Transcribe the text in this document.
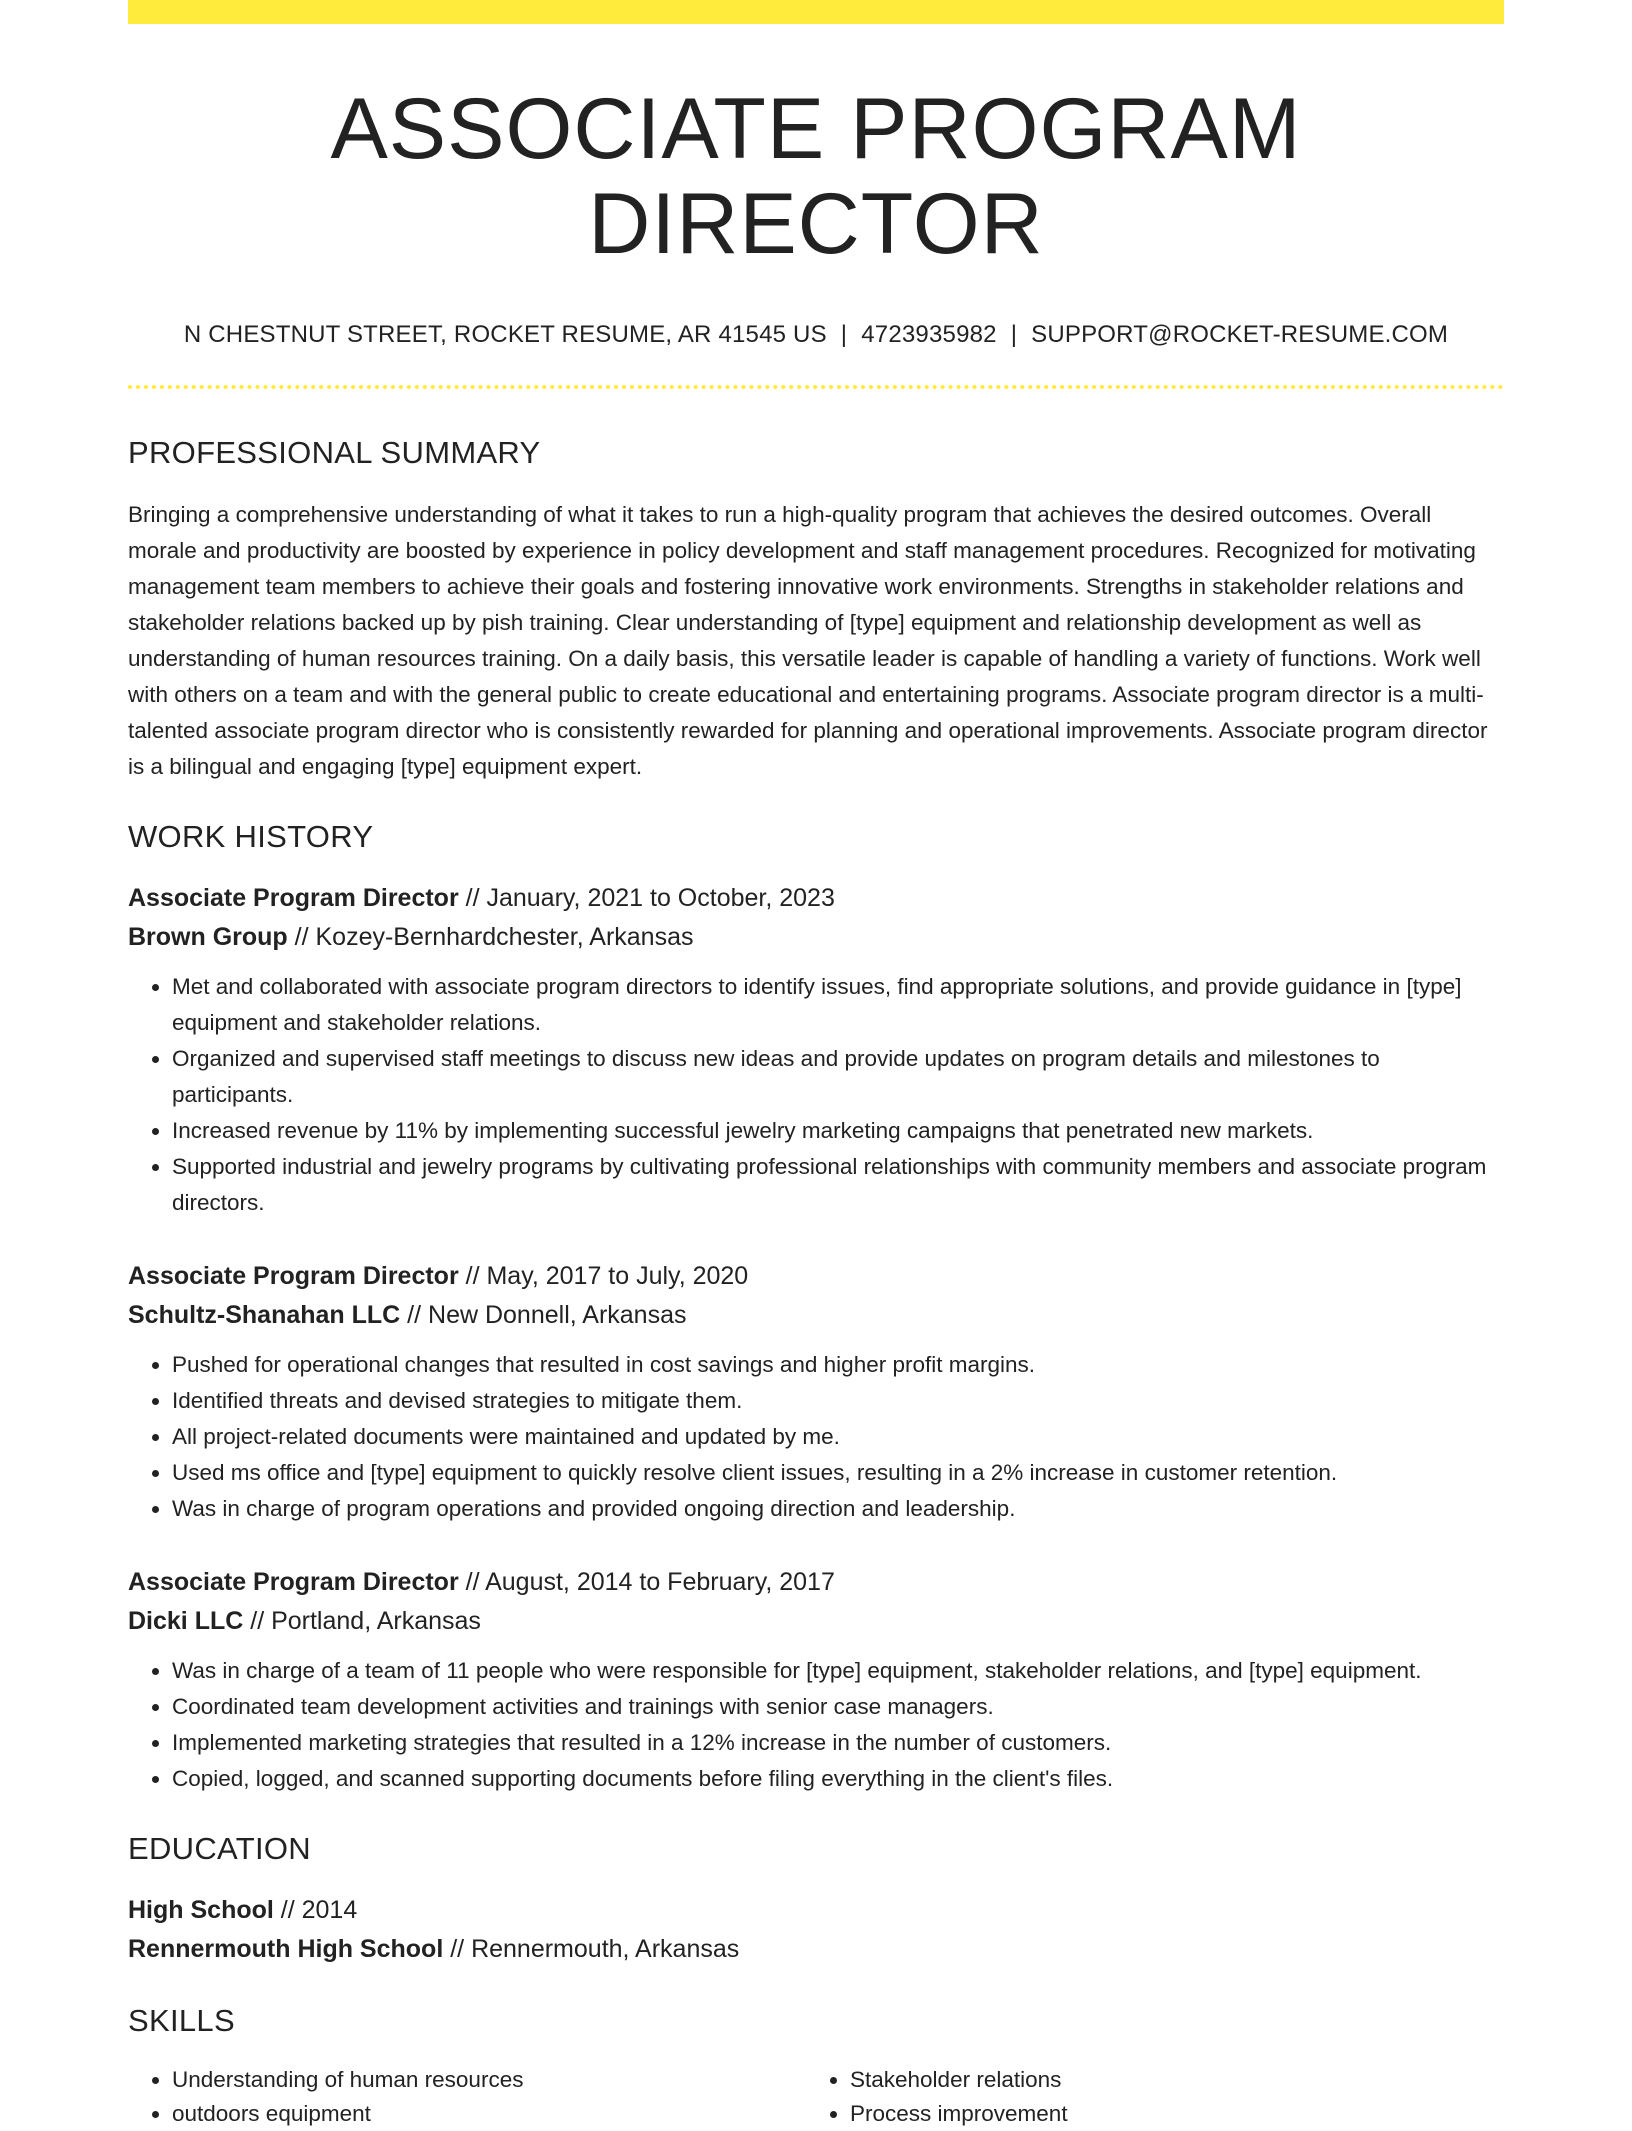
ASSOCIATE PROGRAM DIRECTOR
N CHESTNUT STREET, ROCKET RESUME, AR 41545 US | 4723935982 | SUPPORT@ROCKET-RESUME.COM
PROFESSIONAL SUMMARY
Bringing a comprehensive understanding of what it takes to run a high-quality program that achieves the desired outcomes. Overall morale and productivity are boosted by experience in policy development and staff management procedures. Recognized for motivating management team members to achieve their goals and fostering innovative work environments. Strengths in stakeholder relations and stakeholder relations backed up by pish training. Clear understanding of [type] equipment and relationship development as well as understanding of human resources training. On a daily basis, this versatile leader is capable of handling a variety of functions. Work well with others on a team and with the general public to create educational and entertaining programs. Associate program director is a multi-talented associate program director who is consistently rewarded for planning and operational improvements. Associate program director is a bilingual and engaging [type] equipment expert.
WORK HISTORY
Associate Program Director // January, 2021 to October, 2023
Brown Group // Kozey-Bernhardchester, Arkansas
• Met and collaborated with associate program directors to identify issues, find appropriate solutions, and provide guidance in [type] equipment and stakeholder relations.
• Organized and supervised staff meetings to discuss new ideas and provide updates on program details and milestones to participants.
• Increased revenue by 11% by implementing successful jewelry marketing campaigns that penetrated new markets.
• Supported industrial and jewelry programs by cultivating professional relationships with community members and associate program directors.
Associate Program Director // May, 2017 to July, 2020
Schultz-Shanahan LLC // New Donnell, Arkansas
• Pushed for operational changes that resulted in cost savings and higher profit margins.
• Identified threats and devised strategies to mitigate them.
• All project-related documents were maintained and updated by me.
• Used ms office and [type] equipment to quickly resolve client issues, resulting in a 2% increase in customer retention.
• Was in charge of program operations and provided ongoing direction and leadership.
Associate Program Director // August, 2014 to February, 2017
Dicki LLC // Portland, Arkansas
• Was in charge of a team of 11 people who were responsible for [type] equipment, stakeholder relations, and [type] equipment.
• Coordinated team development activities and trainings with senior case managers.
• Implemented marketing strategies that resulted in a 12% increase in the number of customers.
• Copied, logged, and scanned supporting documents before filing everything in the client's files.
EDUCATION
High School // 2014
Rennermouth High School // Rennermouth, Arkansas
SKILLS
• Understanding of human resources
• outdoors equipment
• Stakeholder relations
• Process improvement
